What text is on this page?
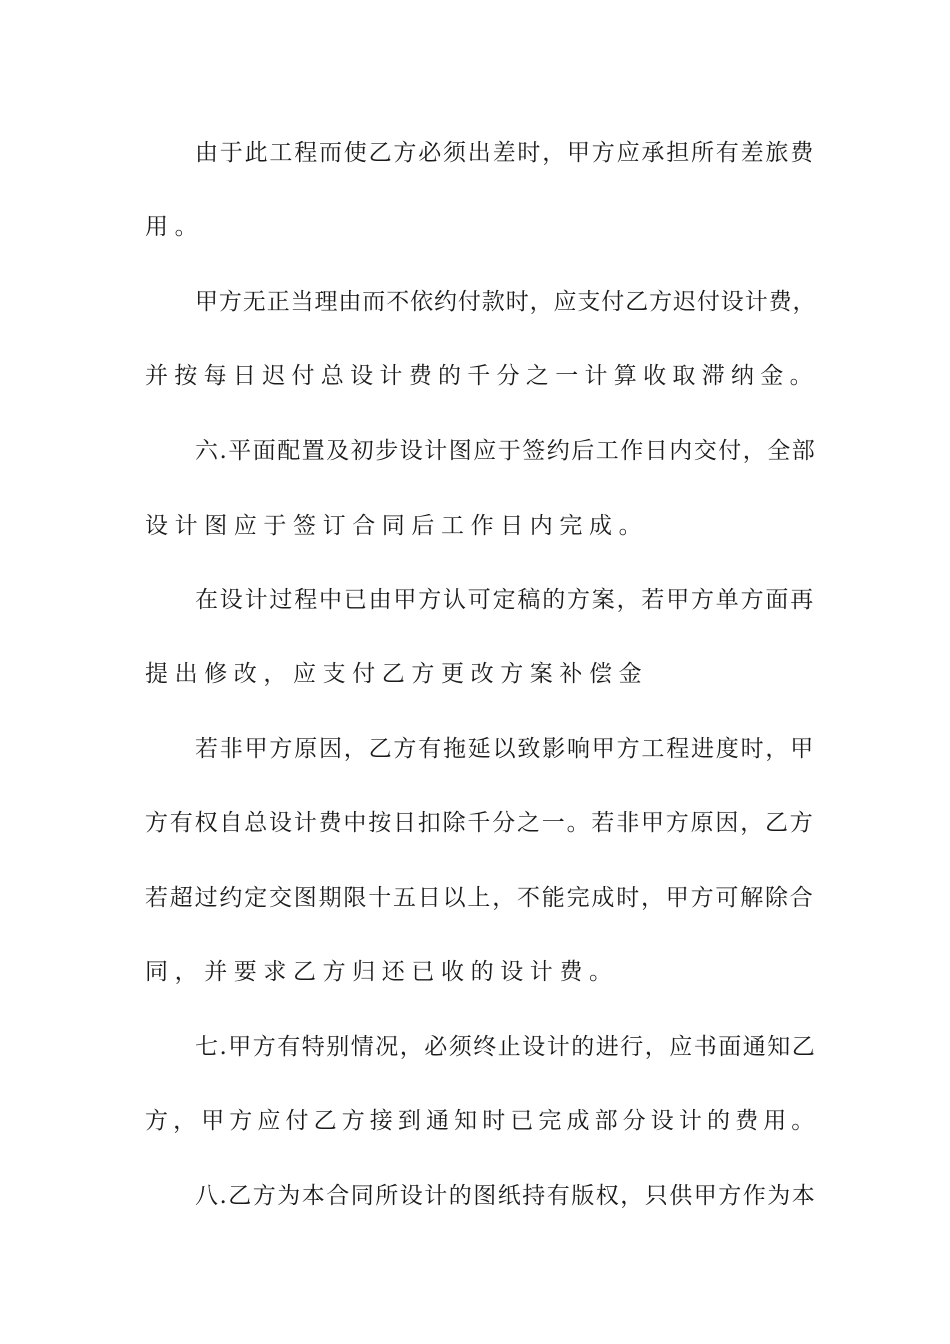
由于此工程而使乙方必须出差时，甲方应承担所有差旅费
用。
甲方无正当理由而不依约付款时，应支付乙方迟付设计费，
并按每日迟付总设计费的千分之一计算收取滞纳金。
六.平面配置及初步设计图应于签约后工作日内交付，全部
设计图应于签订合同后工作日内完成。
在设计过程中已由甲方认可定稿的方案，若甲方单方面再
提出修改，应支付乙方更改方案补偿金
若非甲方原因，乙方有拖延以致影响甲方工程进度时，甲
方有权自总设计费中按日扣除千分之一。若非甲方原因，乙方
若超过约定交图期限十五日以上，不能完成时，甲方可解除合
同，并要求乙方归还已收的设计费。
七.甲方有特别情况，必须终止设计的进行，应书面通知乙
方，甲方应付乙方接到通知时已完成部分设计的费用。
八.乙方为本合同所设计的图纸持有版权，只供甲方作为本
